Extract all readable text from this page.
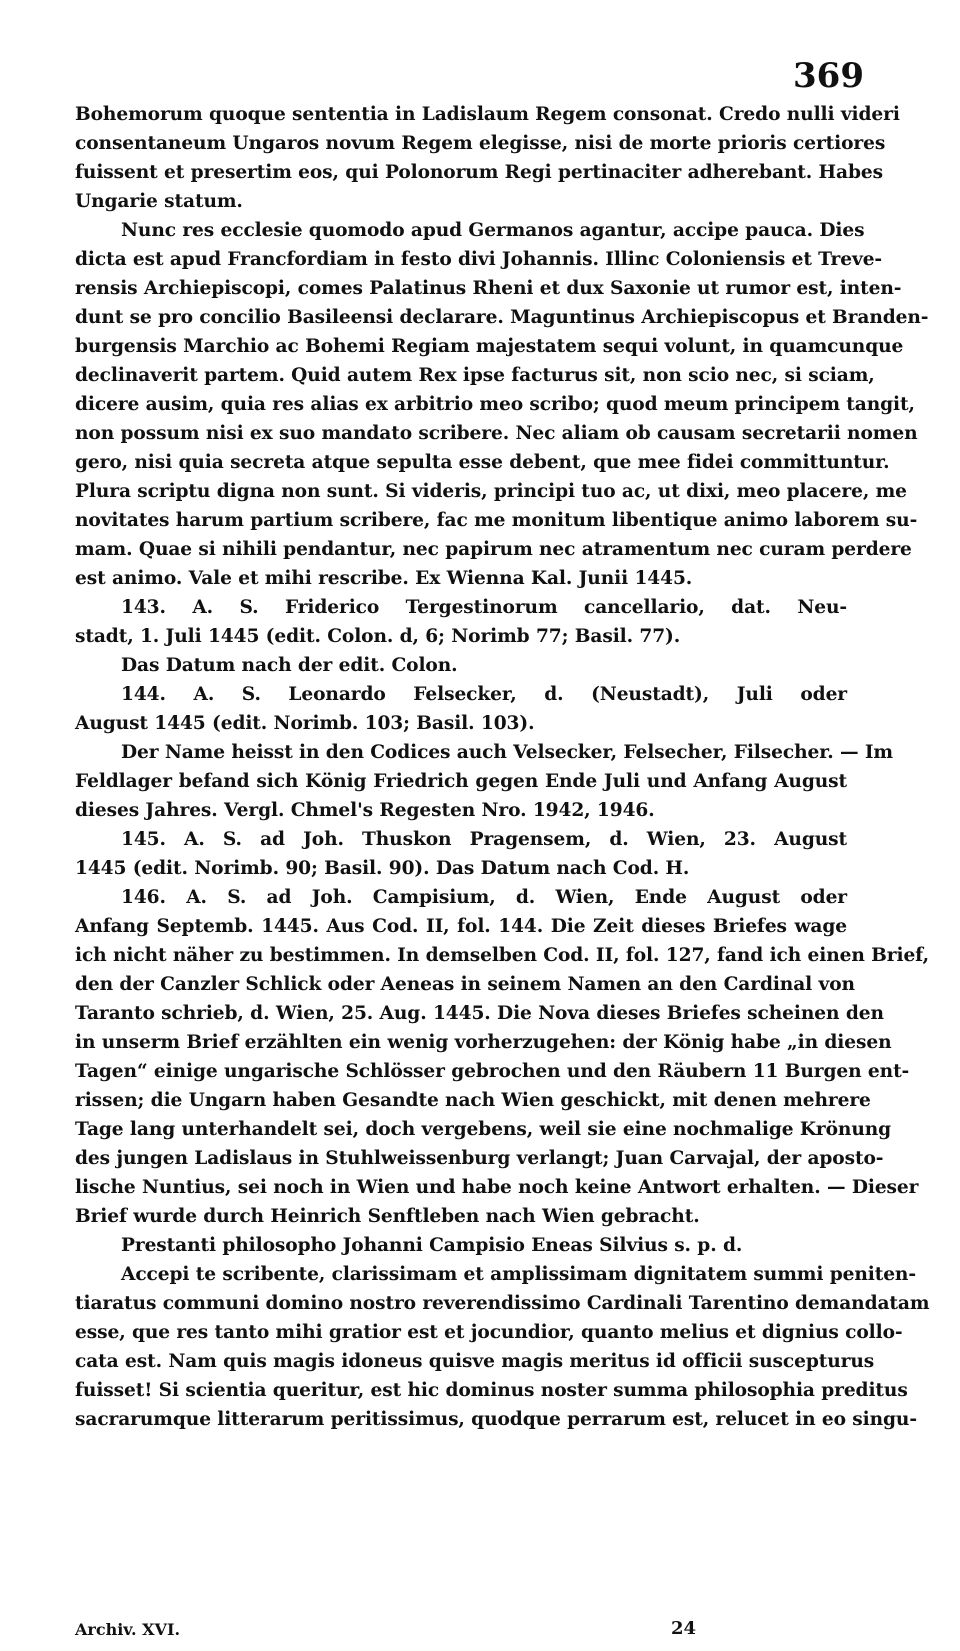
369
Bohemorum quoque sententia in Ladislaum Regem consonat. Credo nulli videri
consentaneum Ungaros novum Regem elegisse, nisi de morte prioris certiores
fuissent et presertim eos, qui Polonorum Regi pertinaciter adherebant. Habes
Ungarie statum.
Nunc res ecclesie quomodo apud Germanos agantur, accipe pauca. Dies
dicta est apud Francfordiam in festo divi Johannis. Illinc Coloniensis et Treve-
rensis Archiepiscopi, comes Palatinus Rheni et dux Saxonie ut rumor est, inten-
dunt se pro concilio Basileensi declarare. Maguntinus Archiepiscopus et Branden-
burgensis Marchio ac Bohemi Regiam majestatem sequi volunt, in quamcunque
declinaverit partem. Quid autem Rex ipse facturus sit, non scio nec, si sciam,
dicere ausim, quia res alias ex arbitrio meo scribo; quod meum principem tangit,
non possum nisi ex suo mandato scribere. Nec aliam ob causam secretarii nomen
gero, nisi quia secreta atque sepulta esse debent, que mee fidei committuntur.
Plura scriptu digna non sunt. Si videris, principi tuo ac, ut dixi, meo placere, me
novitates harum partium scribere, fac me monitum libentique animo laborem su-
mam. Quae si nihili pendantur, nec papirum nec atramentum nec curam perdere
est animo. Vale et mihi rescribe. Ex Wienna Kal. Junii 1445.
143. A. S. Friderico Tergestinorum cancellario, dat. Neu-
stadt, 1. Juli 1445 (edit. Colon. d, 6; Norimb 77; Basil. 77).
Das Datum nach der edit. Colon.
144. A. S. Leonardo Felsecker, d. (Neustadt), Juli oder
August 1445 (edit. Norimb. 103; Basil. 103).
Der Name heisst in den Codices auch Velsecker, Felsecher, Filsecher. — Im
Feldlager befand sich König Friedrich gegen Ende Juli und Anfang August
dieses Jahres. Vergl. Chmel's Regesten Nro. 1942, 1946.
145. A. S. ad Joh. Thuskon Pragensem, d. Wien, 23. August
1445 (edit. Norimb. 90; Basil. 90). Das Datum nach Cod. H.
146. A. S. ad Joh. Campisium, d. Wien, Ende August oder
Anfang Septemb. 1445. Aus Cod. II, fol. 144. Die Zeit dieses Briefes wage
ich nicht näher zu bestimmen. In demselben Cod. II, fol. 127, fand ich einen Brief,
den der Canzler Schlick oder Aeneas in seinem Namen an den Cardinal von
Taranto schrieb, d. Wien, 25. Aug. 1445. Die Nova dieses Briefes scheinen den
in unserm Brief erzählten ein wenig vorherzugehen: der König habe „in diesen
Tagen“ einige ungarische Schlösser gebrochen und den Räubern 11 Burgen ent-
rissen; die Ungarn haben Gesandte nach Wien geschickt, mit denen mehrere
Tage lang unterhandelt sei, doch vergebens, weil sie eine nochmalige Krönung
des jungen Ladislaus in Stuhlweissenburg verlangt; Juan Carvajal, der aposto-
lische Nuntius, sei noch in Wien und habe noch keine Antwort erhalten. — Dieser
Brief wurde durch Heinrich Senftleben nach Wien gebracht.
Prestanti philosopho Johanni Campisio Eneas Silvius s. p. d.
Accepi te scribente, clarissimam et amplissimam dignitatem summi peniten-
tiaratus communi domino nostro reverendissimo Cardinali Tarentino demandatam
esse, que res tanto mihi gratior est et jocundior, quanto melius et dignius collo-
cata est. Nam quis magis idoneus quisve magis meritus id officii suscepturus
fuisset! Si scientia queritur, est hic dominus noster summa philosophia preditus
sacrarumque litterarum peritissimus, quodque perrarum est, relucet in eo singu-
Archiv. XVI.	24
